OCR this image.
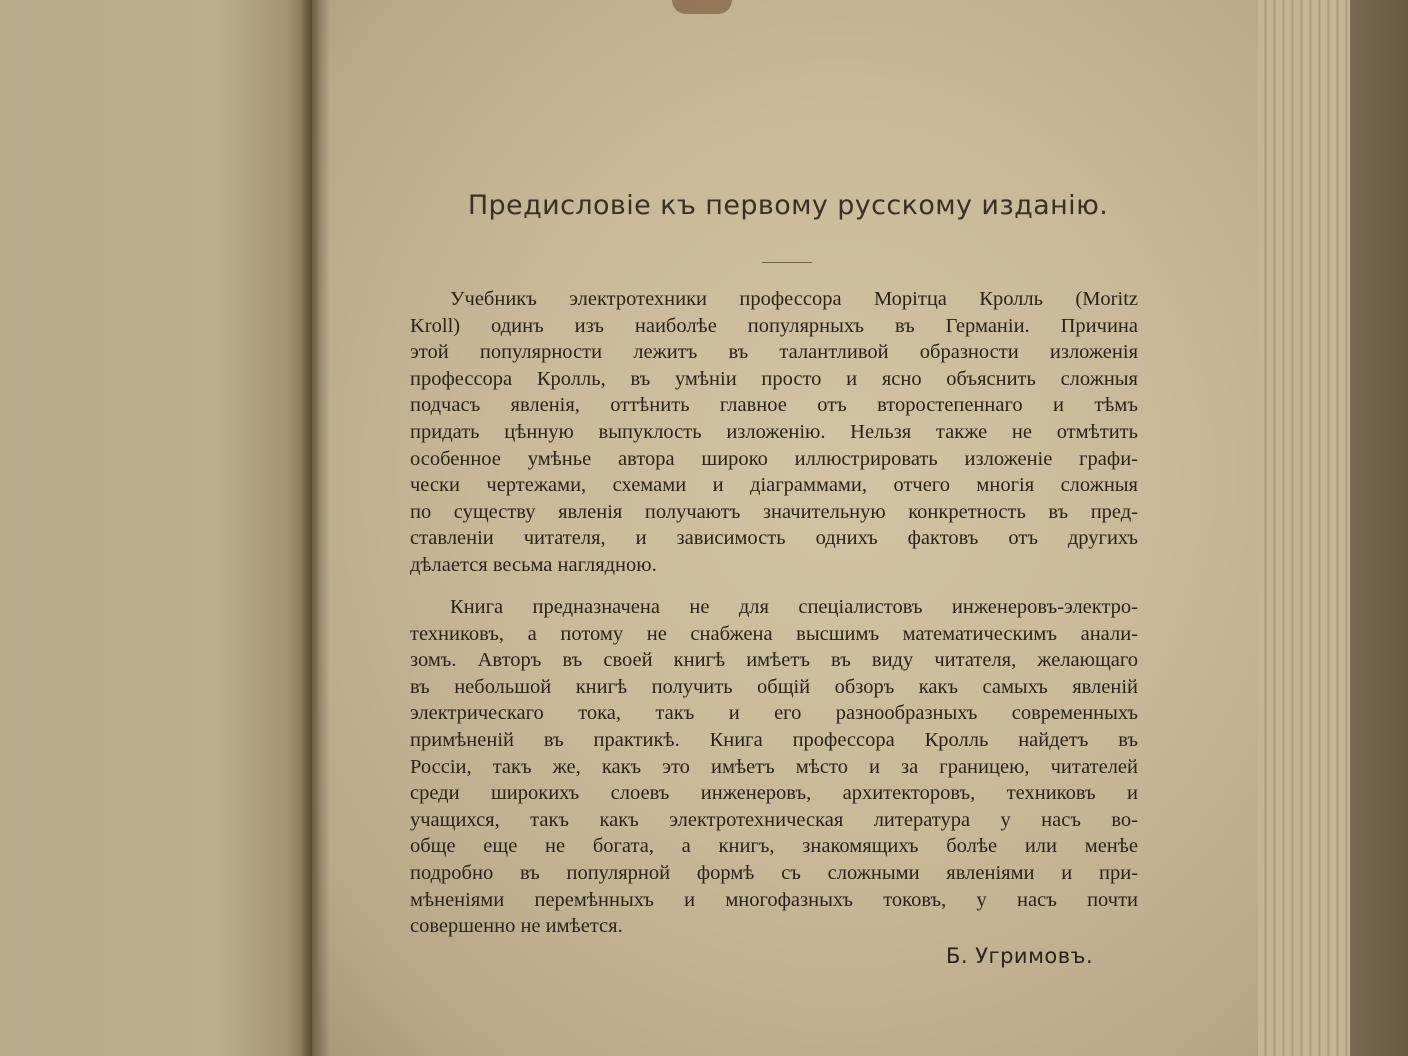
Предисловіе къ первому русскому изданію.
Учебникъ электротехники профессора Морітца Кролль (Moritz
Kroll) одинъ изъ наиболѣе популярныхъ въ Германіи. Причина
этой популярности лежитъ въ талантливой образности изложенія
профессора Кролль, въ умѣніи просто и ясно объяснить сложныя
подчасъ явленія, оттѣнить главное отъ второстепеннаго и тѣмъ
придать цѣнную выпуклость изложенію. Нельзя также не отмѣтить
особенное умѣнье автора широко иллюстрировать изложеніе графи-
чески чертежами, схемами и діаграммами, отчего многія сложныя
по существу явленія получаютъ значительную конкретность въ пред-
ставленіи читателя, и зависимость однихъ фактовъ отъ другихъ
дѣлается весьма наглядною.
Книга предназначена не для спеціалистовъ инженеровъ-электро-
техниковъ, а потому не снабжена высшимъ математическимъ анали-
зомъ. Авторъ въ своей книгѣ имѣетъ въ виду читателя, желающаго
въ небольшой книгѣ получить общій обзоръ какъ самыхъ явленій
электрическаго тока, такъ и его разнообразныхъ современныхъ
примѣненій въ практикѣ. Книга профессора Кролль найдетъ въ
Россіи, такъ же, какъ это имѣетъ мѣсто и за границею, читателей
среди широкихъ слоевъ инженеровъ, архитекторовъ, техниковъ и
учащихся, такъ какъ электротехническая литература у насъ во-
обще еще не богата, а книгъ, знакомящихъ болѣе или менѣе
подробно въ популярной формѣ съ сложными явленіями и при-
мѣненіями перемѣнныхъ и многофазныхъ токовъ, у насъ почти
совершенно не имѣется.
Б. Угримовъ.
